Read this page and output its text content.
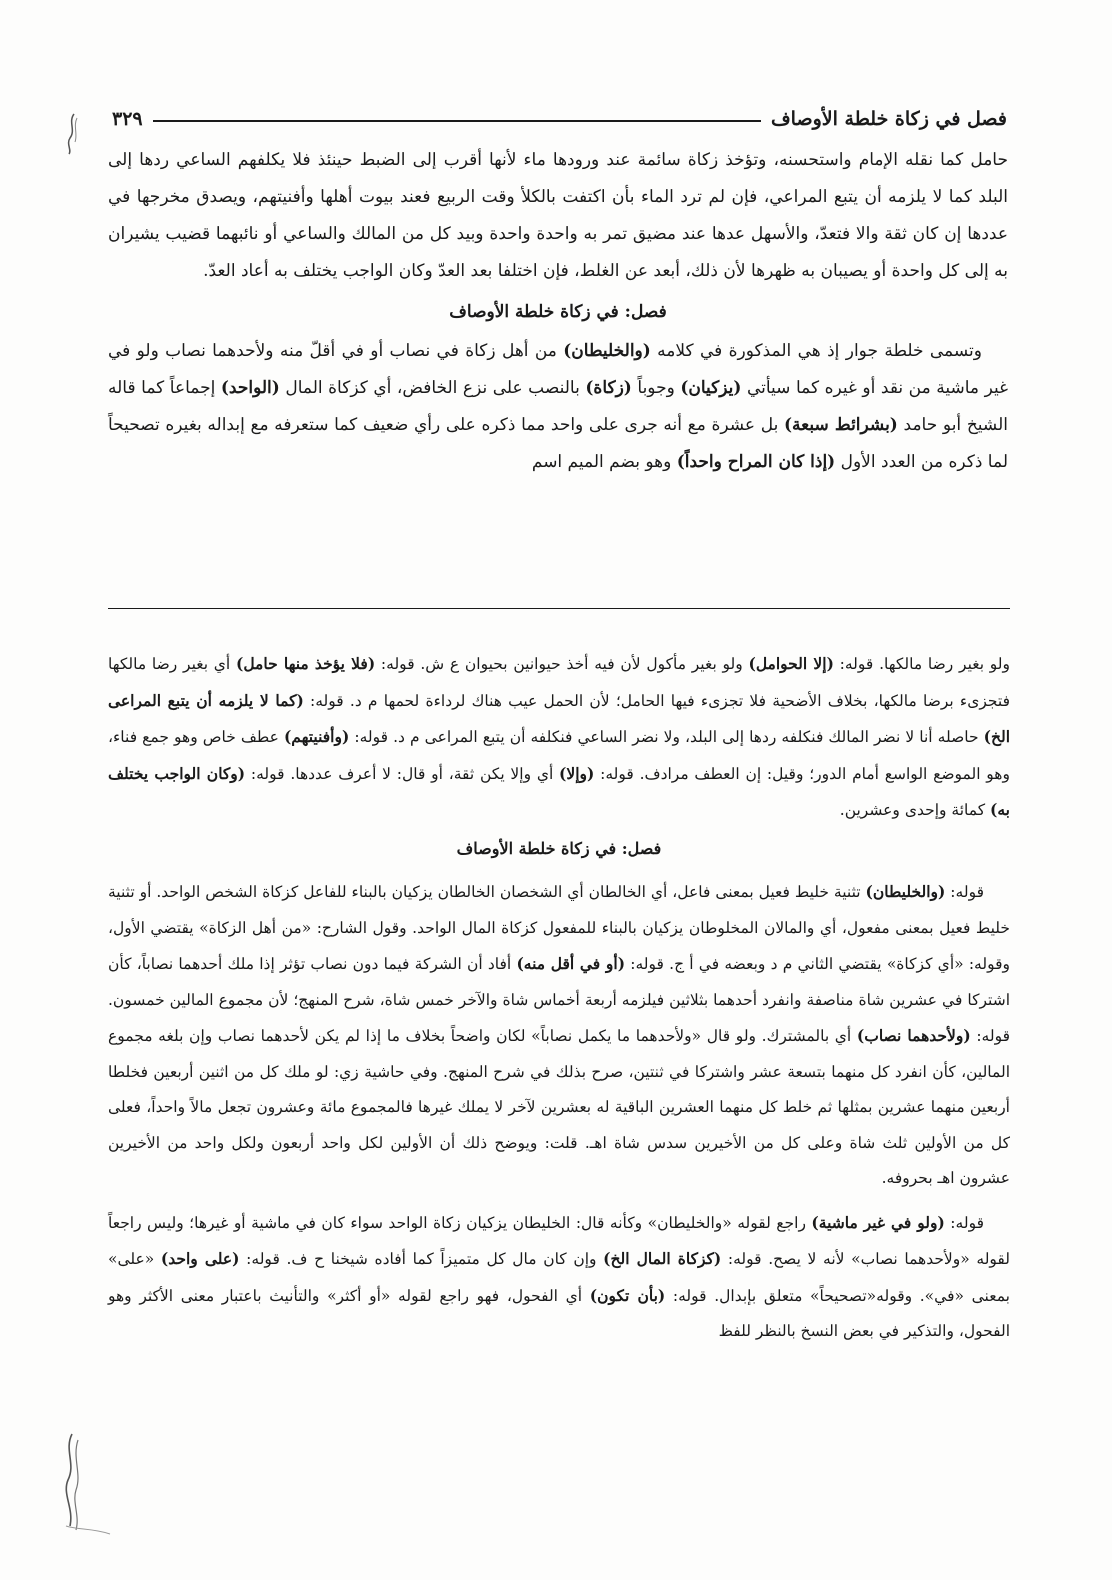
فصل في زكاة خلطة الأوصاف
٣٢٩

حامل كما نقله الإمام واستحسنه، وتؤخذ زكاة سائمة عند ورودها ماء لأنها أقرب إلى الضبط حينئذ فلا يكلفهم الساعي ردها إلى البلد كما لا يلزمه أن يتبع المراعي، فإن لم ترد الماء بأن اكتفت بالكلأ وقت الربيع فعند بيوت أهلها وأفنيتهم، ويصدق مخرجها في عددها إن كان ثقة والا فتعدّ، والأسهل عدها عند مضيق تمر به واحدة واحدة وبيد كل من المالك والساعي أو نائبهما قضيب يشيران به إلى كل واحدة أو يصيبان به ظهرها لأن ذلك، أبعد عن الغلط، فإن اختلفا بعد العدّ وكان الواجب يختلف به أعاد العدّ.

فصل: في زكاة خلطة الأوصاف

وتسمى خلطة جوار إذ هي المذكورة في كلامه (والخليطان) من أهل زكاة في نصاب أو في أقلّ منه ولأحدهما نصاب ولو في غير ماشية من نقد أو غيره كما سيأتي (يزكيان) وجوباً (زكاة) بالنصب على نزع الخافض، أي كزكاة المال (الواحد) إجماعاً كما قاله الشيخ أبو حامد (بشرائط سبعة) بل عشرة مع أنه جرى على واحد مما ذكره على رأي ضعيف كما ستعرفه مع إبداله بغيره تصحيحاً لما ذكره من العدد الأول (إذا كان المراح واحداً) وهو بضم الميم اسم

ولو بغير رضا مالكها. قوله: (إلا الحوامل) ولو بغير مأكول لأن فيه أخذ حيوانين بحيوان ع ش. قوله: (فلا يؤخذ منها حامل) أي بغير رضا مالكها فتجزىء برضا مالكها، بخلاف الأضحية فلا تجزىء فيها الحامل؛ لأن الحمل عيب هناك لرداءة لحمها م د. قوله: (كما لا يلزمه أن يتبع المراعى الخ) حاصله أنا لا نضر المالك فنكلفه ردها إلى البلد، ولا نضر الساعي فنكلفه أن يتبع المراعى م د. قوله: (وأفنيتهم) عطف خاص وهو جمع فناء، وهو الموضع الواسع أمام الدور؛ وقيل: إن العطف مرادف. قوله: (وإلا) أي وإلا يكن ثقة، أو قال: لا أعرف عددها. قوله: (وكان الواجب يختلف به) كمائة وإحدى وعشرين.

فصل: في زكاة خلطة الأوصاف

قوله: (والخليطان) تثنية خليط فعيل بمعنى فاعل، أي الخالطان أي الشخصان الخالطان يزكيان بالبناء للفاعل كزكاة الشخص الواحد. أو تثنية خليط فعيل بمعنى مفعول، أي والمالان المخلوطان يزكيان بالبناء للمفعول كزكاة المال الواحد. وقول الشارح: «من أهل الزكاة» يقتضي الأول، وقوله: «أي كزكاة» يقتضي الثاني م د وبعضه في أ ج. قوله: (أو في أقل منه) أفاد أن الشركة فيما دون نصاب تؤثر إذا ملك أحدهما نصاباً، كأن اشتركا في عشرين شاة مناصفة وانفرد أحدهما بثلاثين فيلزمه أربعة أخماس شاة والآخر خمس شاة، شرح المنهج؛ لأن مجموع المالين خمسون. قوله: (ولأحدهما نصاب) أي بالمشترك. ولو قال «ولأحدهما ما يكمل نصاباً» لكان واضحاً بخلاف ما إذا لم يكن لأحدهما نصاب وإن بلغه مجموع المالين، كأن انفرد كل منهما بتسعة عشر واشتركا في ثنتين، صرح بذلك في شرح المنهج. وفي حاشية زي: لو ملك كل من اثنين أربعين فخلطا أربعين منهما عشرين بمثلها ثم خلط كل منهما العشرين الباقية له بعشرين لآخر لا يملك غيرها فالمجموع مائة وعشرون تجعل مالاً واحداً، فعلى كل من الأولين ثلث شاة وعلى كل من الأخيرين سدس شاة اهـ. قلت: ويوضح ذلك أن الأولين لكل واحد أربعون ولكل واحد من الأخيرين عشرون اهـ بحروفه.

قوله: (ولو في غير ماشية) راجع لقوله «والخليطان» وكأنه قال: الخليطان يزكيان زكاة الواحد سواء كان في ماشية أو غيرها؛ وليس راجعاً لقوله «ولأحدهما نصاب» لأنه لا يصح. قوله: (كزكاة المال الخ) وإن كان مال كل متميزاً كما أفاده شيخنا ح ف. قوله: (على واحد) «على» بمعنى «في». وقوله«تصحيحاً» متعلق بإبدال. قوله: (بأن تكون) أي الفحول، فهو راجع لقوله «أو أكثر» والتأنيث باعتبار معنى الأكثر وهو الفحول، والتذكير في بعض النسخ بالنظر للفظ
